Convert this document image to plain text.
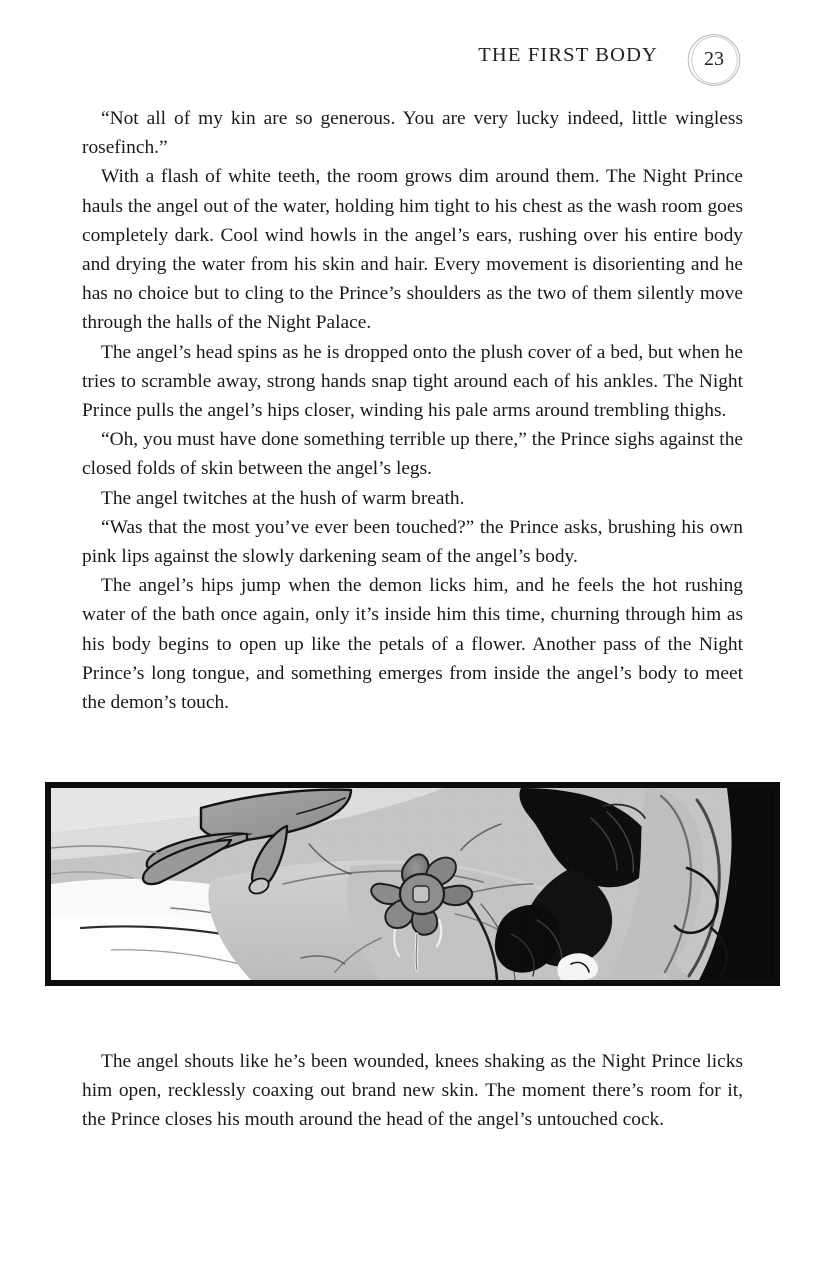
THE FIRST BODY	23

“Not all of my kin are so generous. You are very lucky indeed, little wingless rosefinch.”

With a flash of white teeth, the room grows dim around them. The Night Prince hauls the angel out of the water, holding him tight to his chest as the wash room goes completely dark. Cool wind howls in the angel’s ears, rushing over his entire body and drying the water from his skin and hair. Every movement is disorienting and he has no choice but to cling to the Prince’s shoulders as the two of them silently move through the halls of the Night Palace.

The angel’s head spins as he is dropped onto the plush cover of a bed, but when he tries to scramble away, strong hands snap tight around each of his ankles. The Night Prince pulls the angel’s hips closer, winding his pale arms around trembling thighs.

“Oh, you must have done something terrible up there,” the Prince sighs against the closed folds of skin between the angel’s legs.

The angel twitches at the hush of warm breath.

“Was that the most you’ve ever been touched?” the Prince asks, brushing his own pink lips against the slowly darkening seam of the angel’s body.

The angel’s hips jump when the demon licks him, and he feels the hot rushing water of the bath once again, only it’s inside him this time, churning through him as his body begins to open up like the petals of a flower. Another pass of the Night Prince’s long tongue, and something emerges from inside the angel’s body to meet the demon’s touch.

The angel shouts like he’s been wounded, knees shaking as the Night Prince licks him open, recklessly coaxing out brand new skin. The moment there’s room for it, the Prince closes his mouth around the head of the angel’s untouched cock.
